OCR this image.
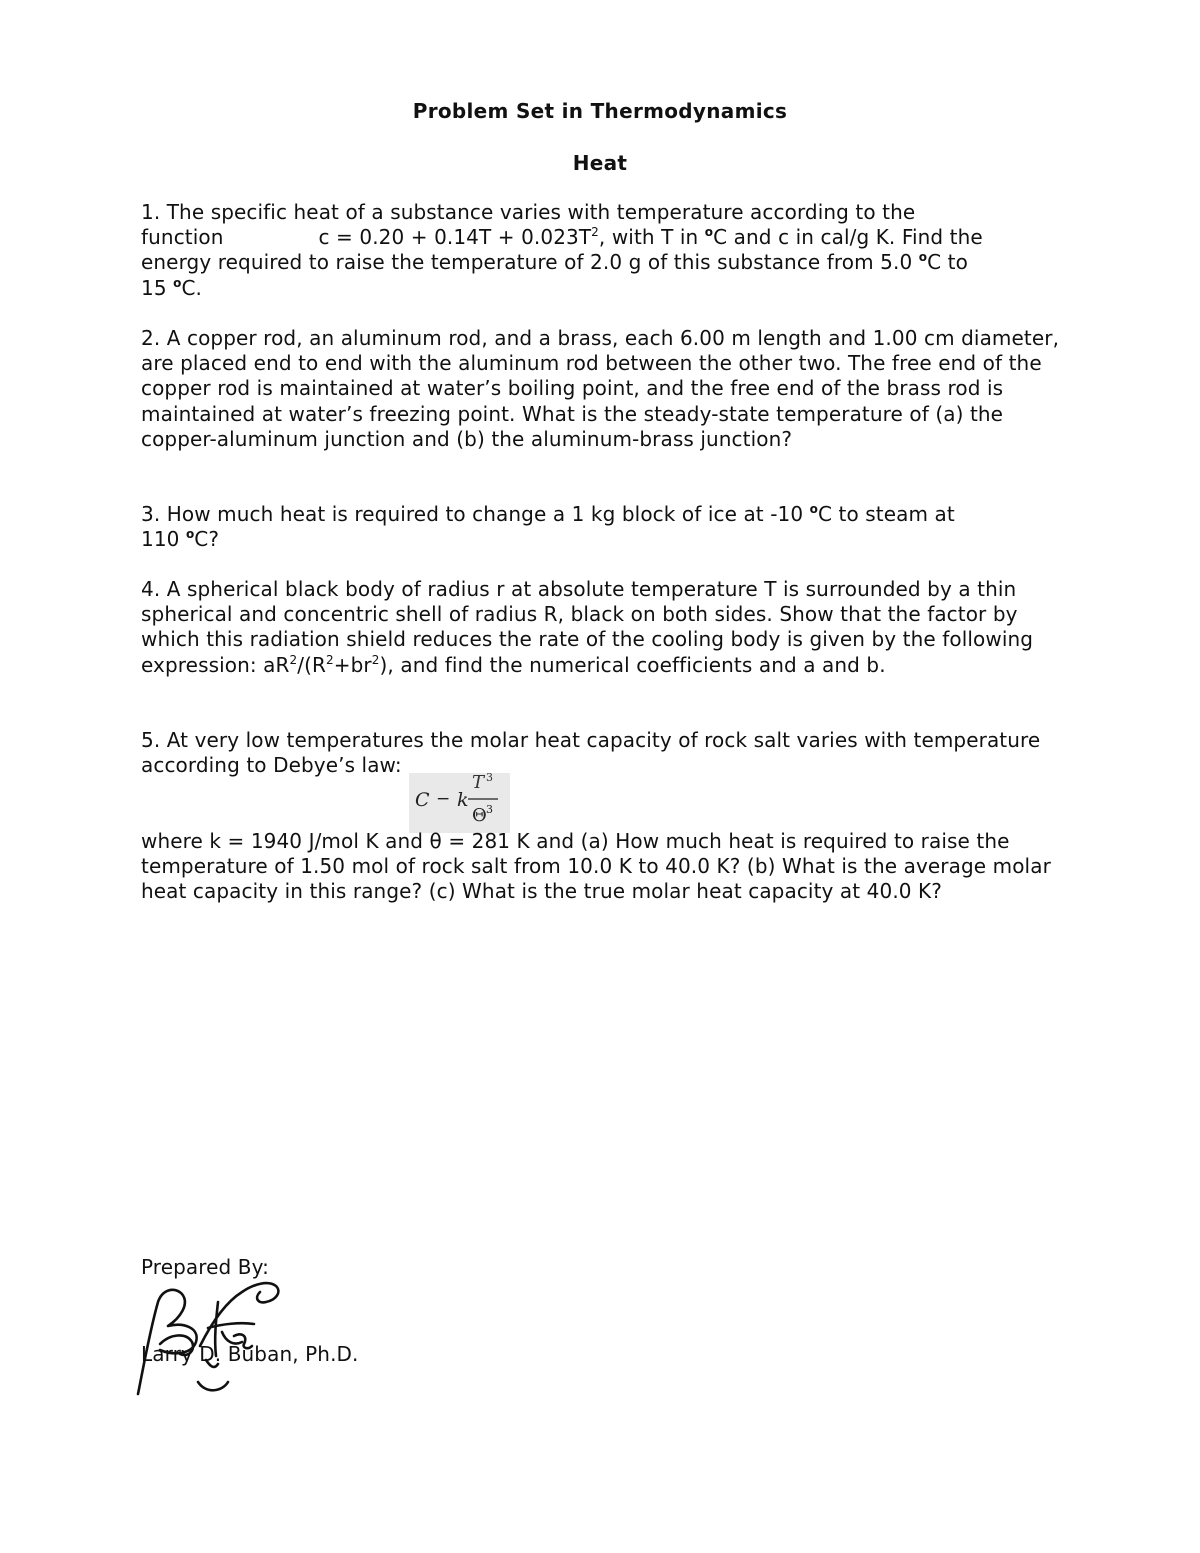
Problem Set in Thermodynamics
Heat
1. The specific heat of a substance varies with temperature according to the
function	$c = 0.20 + 0.14T + 0.023T^2$, with T in $^o$C and c in cal/g K. Find the
energy required to raise the temperature of 2.0 g of this substance from 5.0 $^o$C to
15 $^o$C.

2. A copper rod, an aluminum rod, and a brass, each 6.00 m length and 1.00 cm diameter, are placed end to end with the aluminum rod between the other two. The free end of the copper rod is maintained at water’s boiling point, and the free end of the brass rod is maintained at water’s freezing point. What is the steady-state temperature of (a) the copper-aluminum junction and (b) the aluminum-brass junction?

3. How much heat is required to change a 1 kg block of ice at -10 $^o$C to steam at
110 $^o$C?
4. A spherical black body of radius r at absolute temperature T is surrounded by a thin spherical and concentric shell of radius R, black on both sides. Show that the factor by which this radiation shield reduces the rate of the cooling body is given by the following expression: $aR^2/(R^2+br^2)$, and find the numerical coefficients and a and b.

5. At very low temperatures the molar heat capacity of rock salt varies with temperature according to Debye’s law:

C − k
T 3
Θ 3

where k = 1940 J/mol K and θ = 281 K and (a) How much heat is required to raise the temperature of 1.50 mol of rock salt from 10.0 K to 40.0 K? (b) What is the average molar heat capacity in this range? (c) What is the true molar heat capacity at 40.0 K?

Prepared By:
Larry D. Buban, Ph.D.
